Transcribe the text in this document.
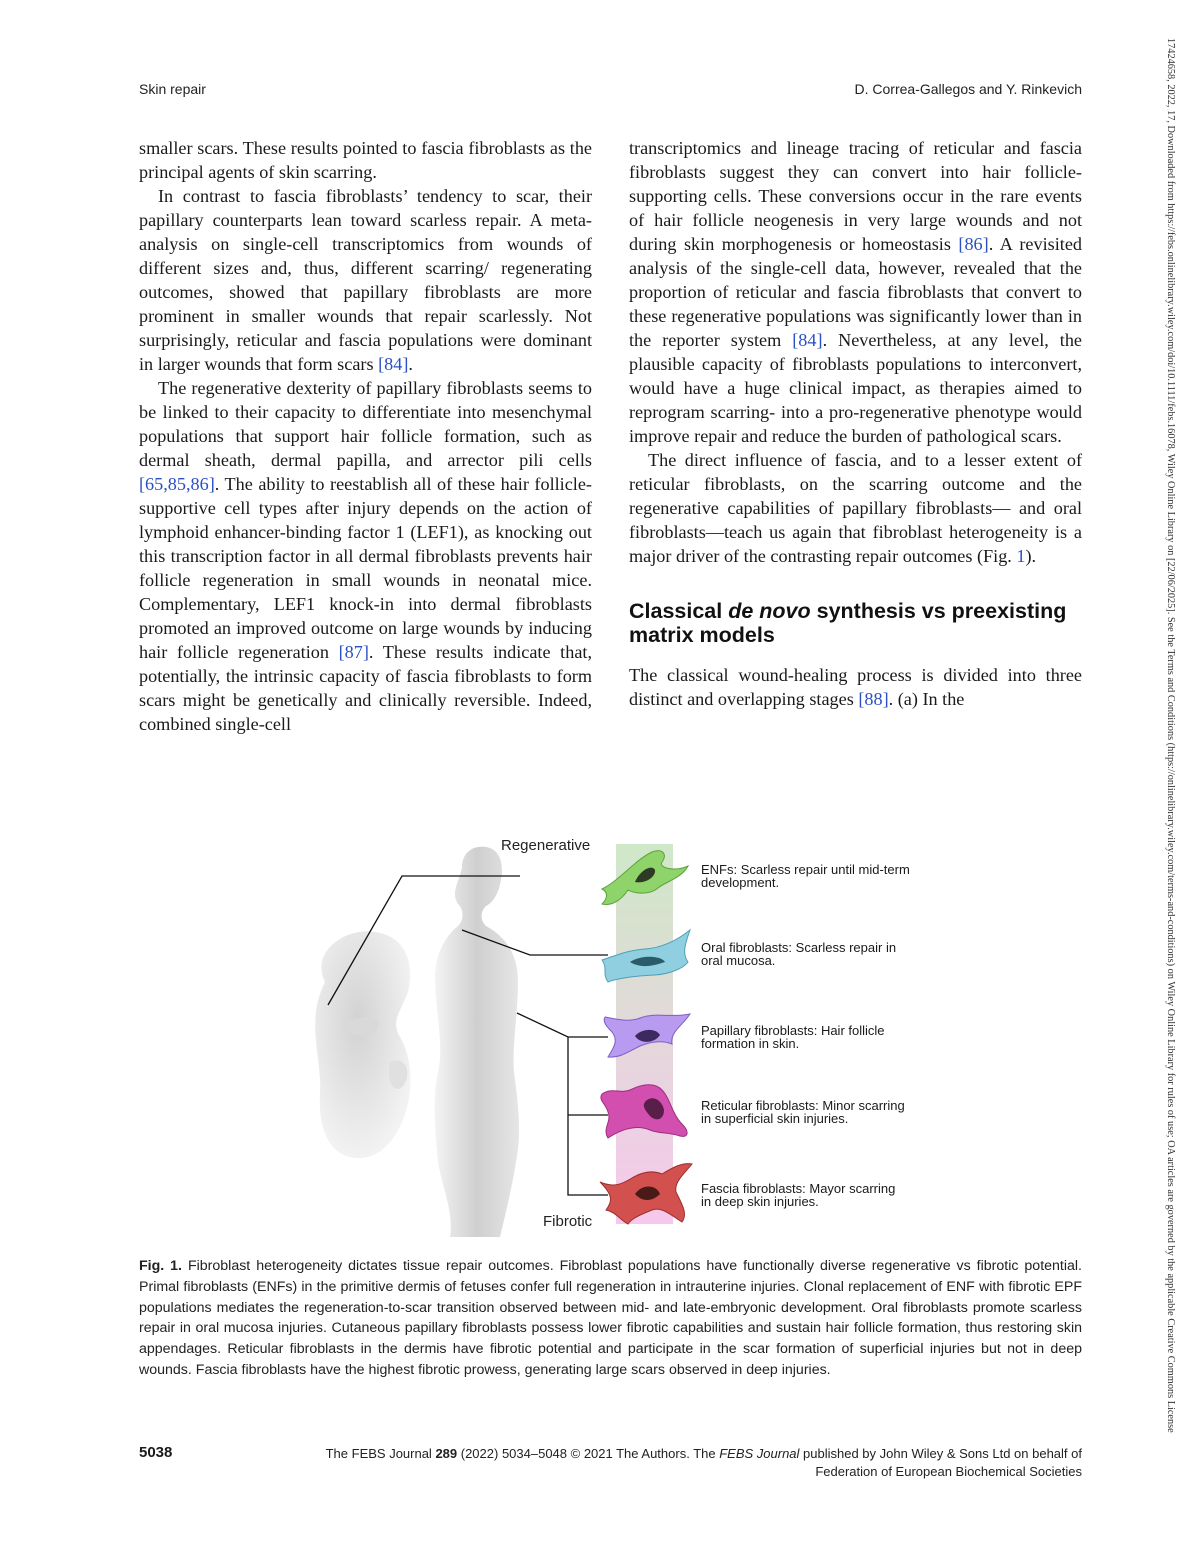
Skin repair	D. Correa-Gallegos and Y. Rinkevich

smaller scars. These results pointed to fascia fibroblasts as the principal agents of skin scarring.

In contrast to fascia fibroblasts’ tendency to scar, their papillary counterparts lean toward scarless repair. A meta-analysis on single-cell transcriptomics from wounds of different sizes and, thus, different scarring/ regenerating outcomes, showed that papillary fibroblasts are more prominent in smaller wounds that repair scarlessly. Not surprisingly, reticular and fascia populations were dominant in larger wounds that form scars [84].

The regenerative dexterity of papillary fibroblasts seems to be linked to their capacity to differentiate into mesenchymal populations that support hair follicle formation, such as dermal sheath, dermal papilla, and arrector pili cells [65,85,86]. The ability to reestablish all of these hair follicle-supportive cell types after injury depends on the action of lymphoid enhancer-binding factor 1 (LEF1), as knocking out this transcription factor in all dermal fibroblasts prevents hair follicle regeneration in small wounds in neonatal mice. Complementary, LEF1 knock-in into dermal fibroblasts promoted an improved outcome on large wounds by inducing hair follicle regeneration [87]. These results indicate that, potentially, the intrinsic capacity of fascia fibroblasts to form scars might be genetically and clinically reversible. Indeed, combined single-cell

transcriptomics and lineage tracing of reticular and fascia fibroblasts suggest they can convert into hair follicle-supporting cells. These conversions occur in the rare events of hair follicle neogenesis in very large wounds and not during skin morphogenesis or homeostasis [86]. A revisited analysis of the single-cell data, however, revealed that the proportion of reticular and fascia fibroblasts that convert to these regenerative populations was significantly lower than in the reporter system [84]. Nevertheless, at any level, the plausible capacity of fibroblasts populations to interconvert, would have a huge clinical impact, as therapies aimed to reprogram scarring- into a pro-regenerative phenotype would improve repair and reduce the burden of pathological scars.

The direct influence of fascia, and to a lesser extent of reticular fibroblasts, on the scarring outcome and the regenerative capabilities of papillary fibroblasts— and oral fibroblasts—teach us again that fibroblast heterogeneity is a major driver of the contrasting repair outcomes (Fig. 1).

Classical de novo synthesis vs preexisting matrix models

The classical wound-healing process is divided into three distinct and overlapping stages [88]. (a) In the

Regenerative
Fibrotic
ENFs: Scarless repair until mid-term
development.
Oral fibroblasts: Scarless repair in
oral mucosa.
Papillary fibroblasts: Hair follicle
formation in skin.
Reticular fibroblasts: Minor scarring
in superficial skin injuries.
Fascia fibroblasts: Mayor scarring
in deep skin injuries.
Fig. 1. Fibroblast heterogeneity dictates tissue repair outcomes. Fibroblast populations have functionally diverse regenerative vs fibrotic potential. Primal fibroblasts (ENFs) in the primitive dermis of fetuses confer full regeneration in intrauterine injuries. Clonal replacement of ENF with fibrotic EPF populations mediates the regeneration-to-scar transition observed between mid- and late-embryonic development. Oral fibroblasts promote scarless repair in oral mucosa injuries. Cutaneous papillary fibroblasts possess lower fibrotic capabilities and sustain hair follicle formation, thus restoring skin appendages. Reticular fibroblasts in the dermis have fibrotic potential and participate in the scar formation of superficial injuries but not in deep wounds. Fascia fibroblasts have the highest fibrotic prowess, generating large scars observed in deep injuries.
5038	The FEBS Journal 289 (2022) 5034–5048 © 2021 The Authors. The FEBS Journal published by John Wiley & Sons Ltd on behalf of
Federation of European Biochemical Societies
17424658, 2022, 17, Downloaded from https://febs.onlinelibrary.wiley.com/doi/10.1111/febs.16078, Wiley Online Library on [22/06/2025]. See the Terms and Conditions (https://onlinelibrary.wiley.com/terms-and-conditions) on Wiley Online Library for rules of use; OA articles are governed by the applicable Creative Commons License
